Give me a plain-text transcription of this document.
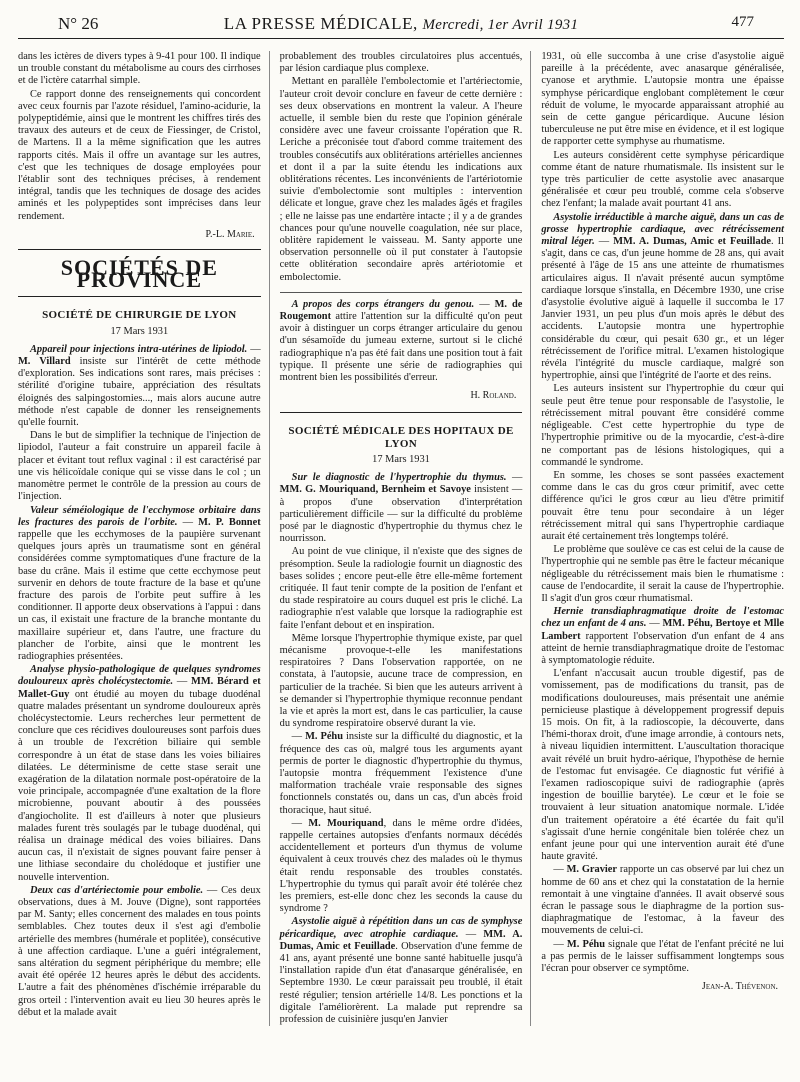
N° 26	LA PRESSE MÉDICALE, Mercredi, 1er Avril 1931	477

dans les ictères de divers types à 9-41 pour 100. Il indique un trouble constant du métabolisme au cours des cirrhoses et de l'ictère catarrhal simple.

Ce rapport donne des renseignements qui concordent avec ceux fournis par l'azote résiduel, l'amino-acidurie, la polypeptidémie, ainsi que le montrent les chiffres tirés des travaux des auteurs et de ceux de Fiessinger, de Cristol, de Martens. Il a la même signification que les autres rapports cités. Mais il offre un avantage sur les autres, c'est que les techniques de dosage employées pour l'établir sont des techniques précises, à rendement intégral, tandis que les techniques de dosage des acides aminés et les polypeptides sont imprécises dans leur rendement.

P.-L. Marie.
SOCIÉTÉS DE PROVINCE
SOCIÉTÉ DE CHIRURGIE DE LYON
17 Mars 1931

Appareil pour injections intra-utérines de lipiodol. — M. Villard insiste sur l'intérêt de cette méthode d'exploration. Ses indications sont rares, mais précises : stérilité d'origine tubaire, appréciation des résultats éloignés des salpingostomies..., mais alors aucune autre méthode n'est capable de donner les renseignements qu'elle fournit.

Dans le but de simplifier la technique de l'injection de lipiodol, l'auteur a fait construire un appareil facile à placer et évitant tout reflux vaginal : il est caractérisé par une vis hélicoïdale conique qui se visse dans le col ; un manomètre permet le contrôle de la pression au cours de l'injection.

Valeur séméiologique de l'ecchymose orbitaire dans les fractures des parois de l'orbite. — M. P. Bonnet rappelle que les ecchymoses de la paupière survenant quelques jours après un traumatisme sont en général considérées comme symptomatiques d'une fracture de la base du crâne. Mais il estime que cette ecchymose peut survenir en dehors de toute fracture de la base et qu'une fracture des parois de l'orbite peut suffire à les conditionner. Il apporte deux observations à l'appui : dans un cas, il existait une fracture de la branche montante du maxillaire supérieur et, dans l'autre, une fracture du plancher de l'orbite, ainsi que le montrent les radiographies présentées.

Analyse physio-pathologique de quelques syndromes douloureux après cholécystectomie. — MM. Bérard et Mallet-Guy ont étudié au moyen du tubage duodénal quatre malades présentant un syndrome douloureux après cholécystectomie. Leurs recherches leur permettent de conclure que ces récidives douloureuses sont parfois dues à un trouble de l'excrétion biliaire qui semble correspondre à un état de stase dans les voies biliaires dilatées. Le déterminisme de cette stase serait une exagération de la dilatation normale post-opératoire de la voie principale, accompagnée d'une exaltation de la flore microbienne, pouvant aboutir à des poussées d'angiocholite. Il est d'ailleurs à noter que plusieurs malades furent très soulagés par le tubage duodénal, qui réalisa un drainage médical des voies biliaires. Dans aucun cas, il n'existait de signes pouvant faire penser à une lithiase secondaire du cholédoque et justifier une nouvelle intervention.

Deux cas d'artériectomie pour embolie. — Ces deux observations, dues à M. Jouve (Digne), sont rapportées par M. Santy; elles concernent des malades en tous points semblables. Chez toutes deux il s'est agi d'embolie artérielle des membres (humérale et poplitée), consécutive à une affection cardiaque. L'une a guéri intégralement, sans altération du segment périphérique du membre; elle avait été opérée 12 heures après le début des accidents. L'autre a fait des phénomènes d'ischémie irréparable du gros orteil : l'intervention avait eu lieu 30 heures après le début et la malade avait

probablement des troubles circulatoires plus accentués, par lésion cardiaque plus complexe.

Mettant en parallèle l'embolectomie et l'artériectomie, l'auteur croit devoir conclure en faveur de cette dernière : ses deux observations en montrent la valeur. A l'heure actuelle, il semble bien du reste que l'opinion générale considère avec une faveur croissante l'opération que R. Leriche a préconisée tout d'abord comme traitement des troubles consécutifs aux oblitérations artérielles anciennes et dont il a par la suite étendu les indications aux oblitérations récentes. Les inconvénients de l'artériotomie suivie d'embolectomie sont multiples : intervention délicate et longue, grave chez les malades âgés et fragiles ; elle ne laisse pas une endartère intacte ; il y a de grandes chances pour qu'une nouvelle coagulation, née sur place, oblitère rapidement le vaisseau. M. Santy apporte une observation personnelle où il put constater à l'autopsie cette oblitération secondaire après artériotomie et embolectomie.

A propos des corps étrangers du genou. — M. de Rougemont attire l'attention sur la difficulté qu'on peut avoir à distinguer un corps étranger articulaire du genou d'un sésamoïde du jumeau externe, surtout si le cliché radiographique n'a pas été fait dans une position tout à fait typique. Il présente une série de radiographies qui montrent bien les possibilités d'erreur.

H. Roland.
SOCIÉTÉ MÉDICALE DES HOPITAUX DE LYON
17 Mars 1931

Sur le diagnostic de l'hypertrophie du thymus. — MM. G. Mouriquand, Bernheim et Savoye insistent — à propos d'une observation d'interprétation particulièrement difficile — sur la difficulté du problème posé par le diagnostic d'hypertrophie du thymus chez le nourrisson.

Au point de vue clinique, il n'existe que des signes de présomption. Seule la radiologie fournit un diagnostic des bases solides ; encore peut-elle être elle-même fortement critiquée. Il faut tenir compte de la position de l'enfant et du stade respiratoire au cours duquel est pris le cliché. La radiographie n'est valable que lorsque la radiographie est faite l'enfant debout et en inspiration.

Même lorsque l'hypertrophie thymique existe, par quel mécanisme provoque-t-elle les manifestations respiratoires ? Dans l'observation rapportée, on ne constata, à l'autopsie, aucune trace de compression, en particulier de la trachée. Si bien que les auteurs arrivent à se demander si l'hypertrophie thymique reconnue pendant la vie et après la mort est, dans le cas particulier, la cause du syndrome respiratoire observé durant la vie.

— M. Péhu insiste sur la difficulté du diagnostic, et la fréquence des cas où, malgré tous les arguments ayant permis de porter le diagnostic d'hypertrophie du thymus, l'autopsie montra fréquemment l'existence d'une malformation trachéale vraie responsable des signes fonctionnels constatés ou, dans un cas, d'un abcès froid thoracique, haut situé.

— M. Mouriquand, dans le même ordre d'idées, rappelle certaines autopsies d'enfants normaux décédés accidentellement et porteurs d'un thymus de volume équivalent à ceux trouvés chez des malades où le thymus était rendu responsable des troubles constatés. L'hypertrophie du tymus qui paraît avoir été tolérée chez les premiers, est-elle donc chez les seconds la cause du syndrome ?

Asystolie aiguë à répétition dans un cas de symphyse péricardique, avec atrophie cardiaque. — MM. A. Dumas, Amic et Feuillade. Observation d'une femme de 41 ans, ayant présenté une bonne santé habituelle jusqu'à l'installation rapide d'un état d'anasarque généralisée, en Septembre 1930. Le cœur paraissait peu troublé, il était resté régulier; tension artérielle 14/8. Les ponctions et la digitale l'améliorèrent. La malade put reprendre sa profession de cuisinière jusqu'en Janvier

1931, où elle succomba à une crise d'asystolie aiguë pareille à la précédente, avec anasarque généralisée, cyanose et arythmie. L'autopsie montra une épaisse symphyse péricardique englobant complètement le cœur réduit de volume, le myocarde apparaissant atrophié au sein de cette gangue péricardique. Aucune lésion tuberculeuse ne put être mise en évidence, et il est logique de rapporter cette symphyse au rhumatisme.

Les auteurs considèrent cette symphyse péricardique comme étant de nature rhumatismale. Ils insistent sur le type très particulier de cette asystolie avec anasarque généralisée et cœur peu troublé, comme cela s'observe chez l'enfant; la malade avait pourtant 41 ans.

Asystolie irréductible à marche aiguë, dans un cas de grosse hypertrophie cardiaque, avec rétrécissement mitral léger. — MM. A. Dumas, Amic et Feuillade. Il s'agit, dans ce cas, d'un jeune homme de 28 ans, qui avait présenté à l'âge de 15 ans une atteinte de rhumatismes articulaires aigus. Il n'avait présenté aucun symptôme cardiaque lorsque s'installa, en Décembre 1930, une crise d'asystolie évolutive aiguë à laquelle il succomba le 17 Janvier 1931, un peu plus d'un mois après le début des accidents. L'autopsie montra une hypertrophie considérable du cœur, qui pesait 630 gr., et un léger rétrécissement de l'orifice mitral. L'examen histologique révéla l'intégrité du muscle cardiaque, malgré son hypertrophie, ainsi que l'intégrité de l'aorte et des reins.

Les auteurs insistent sur l'hypertrophie du cœur qui seule peut être tenue pour responsable de l'asystolie, le rétrécissement mitral pouvant être considéré comme négligeable. C'est cette hypertrophie du type de l'hypertrophie primitive ou de la myocardie, c'est-à-dire ne comportant pas de lésions histologiques, qui a commandé le syndrome.

En somme, les choses se sont passées exactement comme dans le cas du gros cœur primitif, avec cette différence qu'ici le gros cœur au lieu d'être primitif pouvait être tenu pour secondaire à un léger rétrécissement mitral qui sans l'hypertrophie cardiaque aurait été certainement très longtemps toléré.

Le problème que soulève ce cas est celui de la cause de l'hypertrophie qui ne semble pas être le facteur mécanique négligeable du rétrécissement mais bien le rhumatisme : cause de l'endocardite, il serait la cause de l'hypertrophie. Il s'agit d'un gros cœur rhumatismal.

Hernie transdiaphragmatique droite de l'estomac chez un enfant de 4 ans. — MM. Péhu, Bertoye et Mlle Lambert rapportent l'observation d'un enfant de 4 ans atteint de hernie transdiaphragmatique droite de l'estomac à symptomatologie réduite.

L'enfant n'accusait aucun trouble digestif, pas de vomissement, pas de modifications du transit, pas de modifications douloureuses, mais présentait une anémie pernicieuse plastique à développement progressif depuis 15 mois. On fit, à la radioscopie, la découverte, dans l'hémi-thorax droit, d'une image arrondie, à contours nets, à niveau liquidien intermittent. L'auscultation thoracique avait révélé un bruit hydro-aérique, l'hypothèse de hernie de l'estomac fut envisagée. Ce diagnostic fut vérifié à l'examen radioscopique suivi de radiographie (après ingestion de bouillie barytée). Le cœur et le foie se trouvaient à leur situation anatomique normale. L'idée d'un traitement opératoire a été écartée du fait qu'il s'agissait d'une hernie congénitale bien tolérée chez un enfant jeune pour qui une intervention aurait été d'une haute gravité.

— M. Gravier rapporte un cas observé par lui chez un homme de 60 ans et chez qui la constatation de la hernie remontait à une vingtaine d'années. Il avait observé sous écran le passage sous le diaphragme de la portion sus-diaphragmatique de l'estomac, à la faveur des mouvements de celui-ci.

— M. Péhu signale que l'état de l'enfant précité ne lui a pas permis de le laisser suffisamment longtemps sous l'écran pour observer ce symptôme.

Jean-A. Thévenon.
